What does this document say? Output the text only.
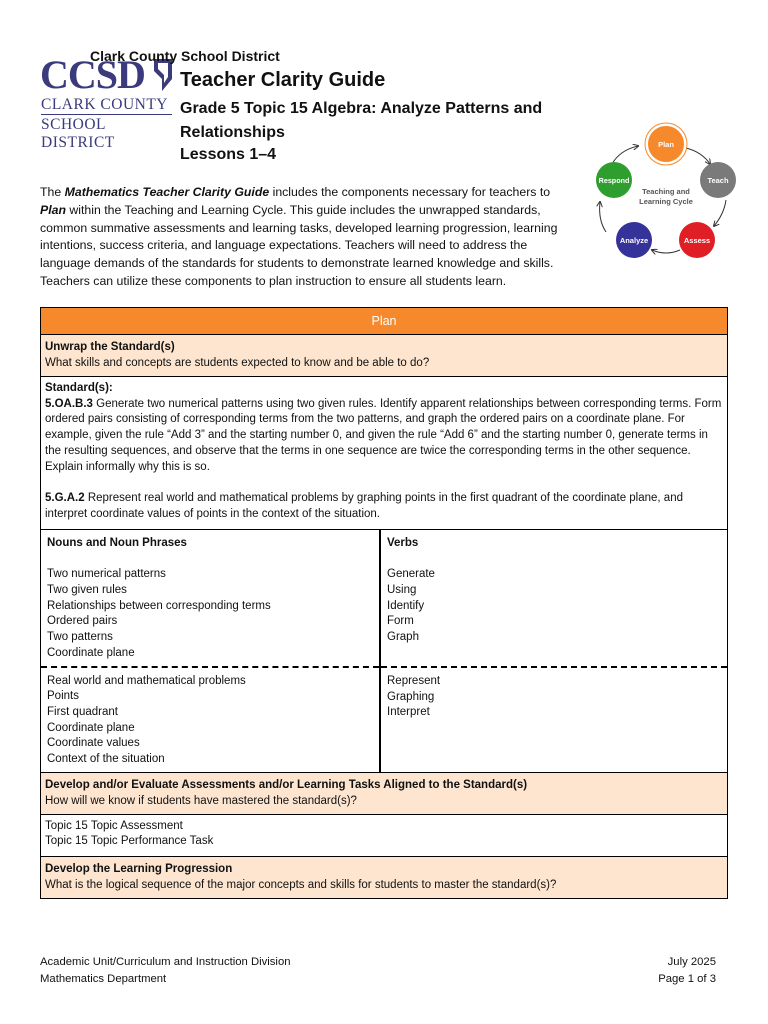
CCSD
CLARK COUNTY
SCHOOL DISTRICT
Clark County School District
Teacher Clarity Guide
Grade 5 Topic 15 Algebra: Analyze Patterns and Relationships
Lessons 1–4
Plan
Teach
Assess
Analyze
Respond
Teaching and
Learning Cycle
The Mathematics Teacher Clarity Guide includes the components necessary for teachers to Plan within the Teaching and Learning Cycle. This guide includes the unwrapped standards, common summative assessments and learning tasks, developed learning progression, learning intentions, success criteria, and language expectations. Teachers will need to address the language demands of the standards for students to demonstrate learned knowledge and skills. Teachers can utilize these components to plan instruction to ensure all students learn.
Plan
Unwrap the Standard(s)
What skills and concepts are students expected to know and be able to do?
Standard(s):
5.OA.B.3 Generate two numerical patterns using two given rules. Identify apparent relationships between corresponding terms. Form ordered pairs consisting of corresponding terms from the two patterns, and graph the ordered pairs on a coordinate plane. For example, given the rule “Add 3” and the starting number 0, and given the rule “Add 6” and the starting number 0, generate terms in the resulting sequences, and observe that the terms in one sequence are twice the corresponding terms in the other sequence. Explain informally why this is so.
5.G.A.2 Represent real world and mathematical problems by graphing points in the first quadrant of the coordinate plane, and interpret coordinate values of points in the context of the situation.
Nouns and Noun Phrases
Two numerical patterns
Two given rules
Relationships between corresponding terms
Ordered pairs
Two patterns
Coordinate plane
Real world and mathematical problems
Points
First quadrant
Coordinate plane
Coordinate values
Context of the situation
Verbs
Generate
Using
Identify
Form
Graph
Represent
Graphing
Interpret
Develop and/or Evaluate Assessments and/or Learning Tasks Aligned to the Standard(s)
How will we know if students have mastered the standard(s)?
Topic 15 Topic Assessment
Topic 15 Topic Performance Task
Develop the Learning Progression
What is the logical sequence of the major concepts and skills for students to master the standard(s)?
Academic Unit/Curriculum and Instruction Division
Mathematics Department
July 2025
Page 1 of 3
